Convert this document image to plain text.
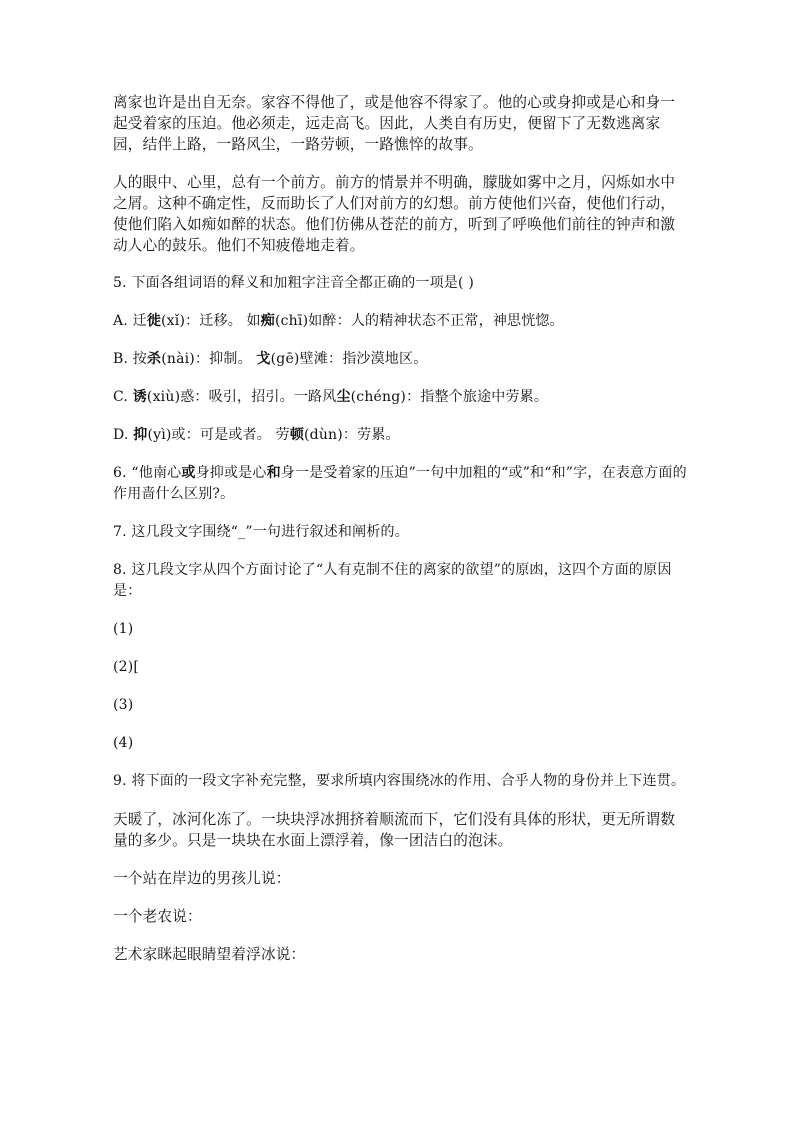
离家也许是出自无奈。家容不得他了，或是他容不得家了。他的心或身抑或是心和身一起受着家的压迫。他必须走，远走高飞。因此，人类自有历史，便留下了无数逃离家园，结伴上路，一路风尘，一路劳顿，一路憔悴的故事。

人的眼中、心里，总有一个前方。前方的情景并不明确，朦胧如雾中之月，闪烁如水中之屑。这种不确定性，反而助长了人们对前方的幻想。前方使他们兴奋，使他们行动，使他们陷入如痴如醉的状态。他们仿佛从苍茫的前方，听到了呼唤他们前往的钟声和激动人心的鼓乐。他们不知疲倦地走着。

5. 下面各组词语的释义和加粗字注音全都正确的一项是( )

A. 迁徙(xǐ)：迁移。 如痴(chī)如醉：人的精神状态不正常，神思恍惚。

B. 按杀(nài)：抑制。 戈(gē)壁滩：指沙漠地区。

C. 诱(xiù)惑：吸引，招引。一路风尘(chéng)：指整个旅途中劳累。

D. 抑(yì)或：可是或者。 劳顿(dùn)：劳累。

6. “他南心或身抑或是心和身一是受着家的压迫”一句中加粗的“或”和“和”字，在表意方面的作用啬什么区别?。

7. 这几段文字围绕“_”一句进行叙述和阐析的。

8. 这几段文字从四个方面讨论了“人有克制不住的离家的欲望”的原凼，这四个方面的原因是：

(1)

(2)[

(3)

(4)

9. 将下面的一段文字补充完整，要求所填内容围绕冰的作用、合乎人物的身份并上下连贯。

天暖了，冰河化冻了。一块块浮冰拥挤着顺流而下，它们没有具体的形状，更无所谓数量的多少。只是一块块在水面上漂浮着，像一团洁白的泡沫。

一个站在岸边的男孩儿说：

一个老农说：

艺术家眯起眼睛望着浮冰说：
